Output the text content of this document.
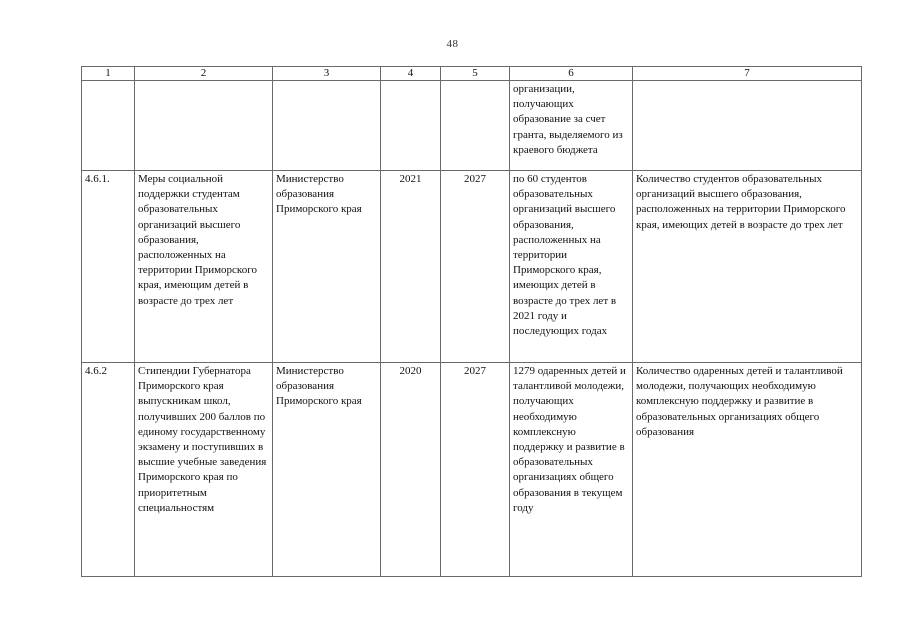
48
1	2	3	4	5	6	7
					организации, получающих образование за счет гранта, выделяемого из краевого бюджета	
4.6.1.	Меры социальной поддержки студентам образовательных организаций высшего образования, расположенных на территории Приморского края, имеющим детей в возрасте до трех лет	Министерство образования Приморского края	2021	2027	по 60 студентов образовательных организаций высшего образования, расположенных на территории Приморского края, имеющих детей в возрасте до трех лет в 2021 году и последующих годах	Количество студентов образовательных организаций высшего образования, расположенных на территории Приморского края, имеющих детей в возрасте до трех лет
4.6.2	Стипендии Губернатора Приморского края выпускникам школ, получивших 200 баллов по единому государственному экзамену и поступивших в высшие учебные заведения Приморского края по приоритетным специальностям	Министерство образования Приморского края	2020	2027	1279 одаренных детей и талантливой молодежи, получающих необходимую комплексную поддержку и развитие в образовательных организациях общего образования в текущем году	Количество одаренных детей и талантливой молодежи, получающих необходимую комплексную поддержку и развитие в образовательных организациях общего образования
